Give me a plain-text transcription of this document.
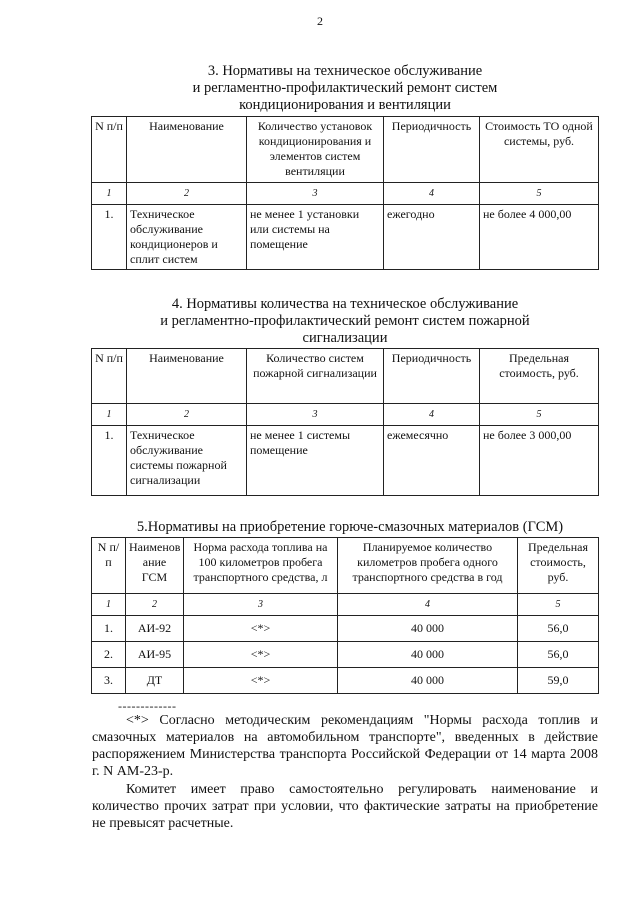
2
3. Нормативы на техническое обслуживание
и регламентно-профилактический ремонт систем
кондиционирования и вентиляции
N п/п	Наименование	Количество установок кондиционирования и элементов систем вентиляции	Периодичность	Стоимость ТО одной системы, руб.
1	2	3	4	5
1.	Техническое обслуживание кондиционеров и сплит систем	не менее 1 установки или системы на помещение	ежегодно	не более 4 000,00
4. Нормативы количества на техническое обслуживание
и регламентно-профилактический ремонт систем пожарной
сигнализации
N п/п	Наименование	Количество систем пожарной сигнализации	Периодичность	Предельная стоимость, руб.
1	2	3	4	5
1.	Техническое обслуживание системы пожарной сигнализации	не менее 1 системы помещение	ежемесячно	не более 3 000,00
5.Нормативы на приобретение горюче-смазочных материалов (ГСМ)
N п/п	Наименов ание ГСМ	Норма расхода топлива на 100 километров пробега транспортного средства, л	Планируемое количество километров пробега одного транспортного средства в год	Предельная стоимость, руб.
1	2	3	4	5
1.	АИ-92	<*>	40 000	56,0
2.	АИ-95	<*>	40 000	56,0
3.	ДТ	<*>	40 000	59,0
-------------

<*> Согласно методическим рекомендациям "Нормы расхода топлив и смазочных материалов на автомобильном транспорте", введенных в действие распоряжением Министерства транспорта Российской Федерации от 14 марта 2008 г. N АМ-23-р.

Комитет имеет право самостоятельно регулировать наименование и количество прочих затрат при условии, что фактические затраты на приобретение не превысят расчетные.
